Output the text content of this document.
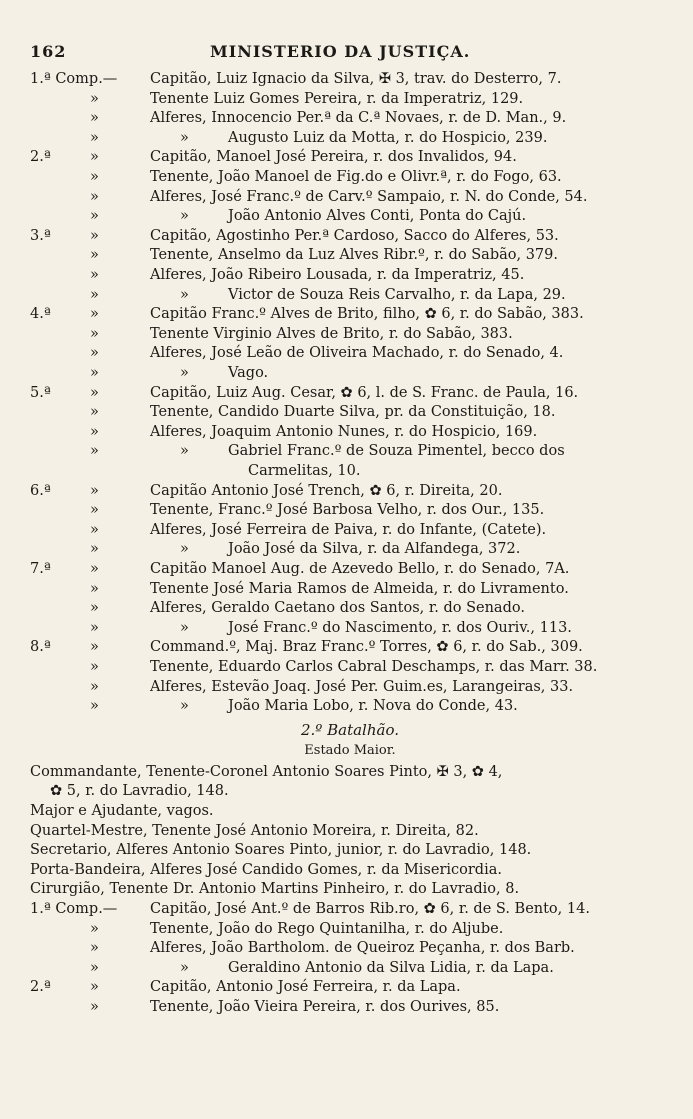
162	MINISTERIO DA JUSTIÇA.
1.ª Comp.— Capitão, Luiz Ignacio da Silva, ✠ 3, trav. do Desterro, 7.
»	Tenente Luiz Gomes Pereira, r. da Imperatriz, 129.
»	Alferes, Innocencio Per.ª da C.ª Novaes, r. de D. Man., 9.
»	»	Augusto Luiz da Motta, r. do Hospicio, 239.
2.ª	»	Capitão, Manoel José Pereira, r. dos Invalidos, 94.
»	Tenente, João Manoel de Fig.do e Olivr.ª, r. do Fogo, 63.
»	Alferes, José Franc.º de Carv.º Sampaio, r. N. do Conde, 54.
»	»	João Antonio Alves Conti, Ponta do Cajú.
3.ª	»	Capitão, Agostinho Per.ª Cardoso, Sacco do Alferes, 53.
»	Tenente, Anselmo da Luz Alves Ribr.º, r. do Sabão, 379.
»	Alferes, João Ribeiro Lousada, r. da Imperatriz, 45.
»	»	Victor de Souza Reis Carvalho, r. da Lapa, 29.
4.ª	»	Capitão Franc.º Alves de Brito, filho, ✿ 6, r. do Sabão, 383.
»	Tenente Virginio Alves de Brito, r. do Sabão, 383.
»	Alferes, José Leão de Oliveira Machado, r. do Senado, 4.
»	»	Vago.
5.ª	»	Capitão, Luiz Aug. Cesar, ✿ 6, l. de S. Franc. de Paula, 16.
»	Tenente, Candido Duarte Silva, pr. da Constituição, 18.
»	Alferes, Joaquim Antonio Nunes, r. do Hospicio, 169.
»	»	Gabriel Franc.º de Souza Pimentel, becco dos
Carmelitas, 10.
6.ª	»	Capitão Antonio José Trench, ✿ 6, r. Direita, 20.
»	Tenente, Franc.º José Barbosa Velho, r. dos Our., 135.
»	Alferes, José Ferreira de Paiva, r. do Infante, (Catete).
»	»	João José da Silva, r. da Alfandega, 372.
7.ª	»	Capitão Manoel Aug. de Azevedo Bello, r. do Senado, 7A.
»	Tenente José Maria Ramos de Almeida, r. do Livramento.
»	Alferes, Geraldo Caetano dos Santos, r. do Senado.
»	»	José Franc.º do Nascimento, r. dos Ouriv., 113.
8.ª	»	Command.º, Maj. Braz Franc.º Torres, ✿ 6, r. do Sab., 309.
»	Tenente, Eduardo Carlos Cabral Deschamps, r. das Marr. 38.
»	Alferes, Estevão Joaq. José Per. Guim.es, Larangeiras, 33.
»	»	João Maria Lobo, r. Nova do Conde, 43.
2.º Batalhão.
Estado Maior.
Commandante, Tenente-Coronel Antonio Soares Pinto, ✠ 3, ✿ 4,
✿ 5, r. do Lavradio, 148.
Major e Ajudante, vagos.
Quartel-Mestre, Tenente José Antonio Moreira, r. Direita, 82.
Secretario, Alferes Antonio Soares Pinto, junior, r. do Lavradio, 148.
Porta-Bandeira, Alferes José Candido Gomes, r. da Misericordia.
Cirurgião, Tenente Dr. Antonio Martins Pinheiro, r. do Lavradio, 8.
1.ª Comp.— Capitão, José Ant.º de Barros Rib.ro, ✿ 6, r. de S. Bento, 14.
»	Tenente, João do Rego Quintanilha, r. do Aljube.
»	Alferes, João Bartholom. de Queiroz Peçanha, r. dos Barb.
»	»	Geraldino Antonio da Silva Lidia, r. da Lapa.
2.ª	»	Capitão, Antonio José Ferreira, r. da Lapa.
»	Tenente, João Vieira Pereira, r. dos Ourives, 85.
